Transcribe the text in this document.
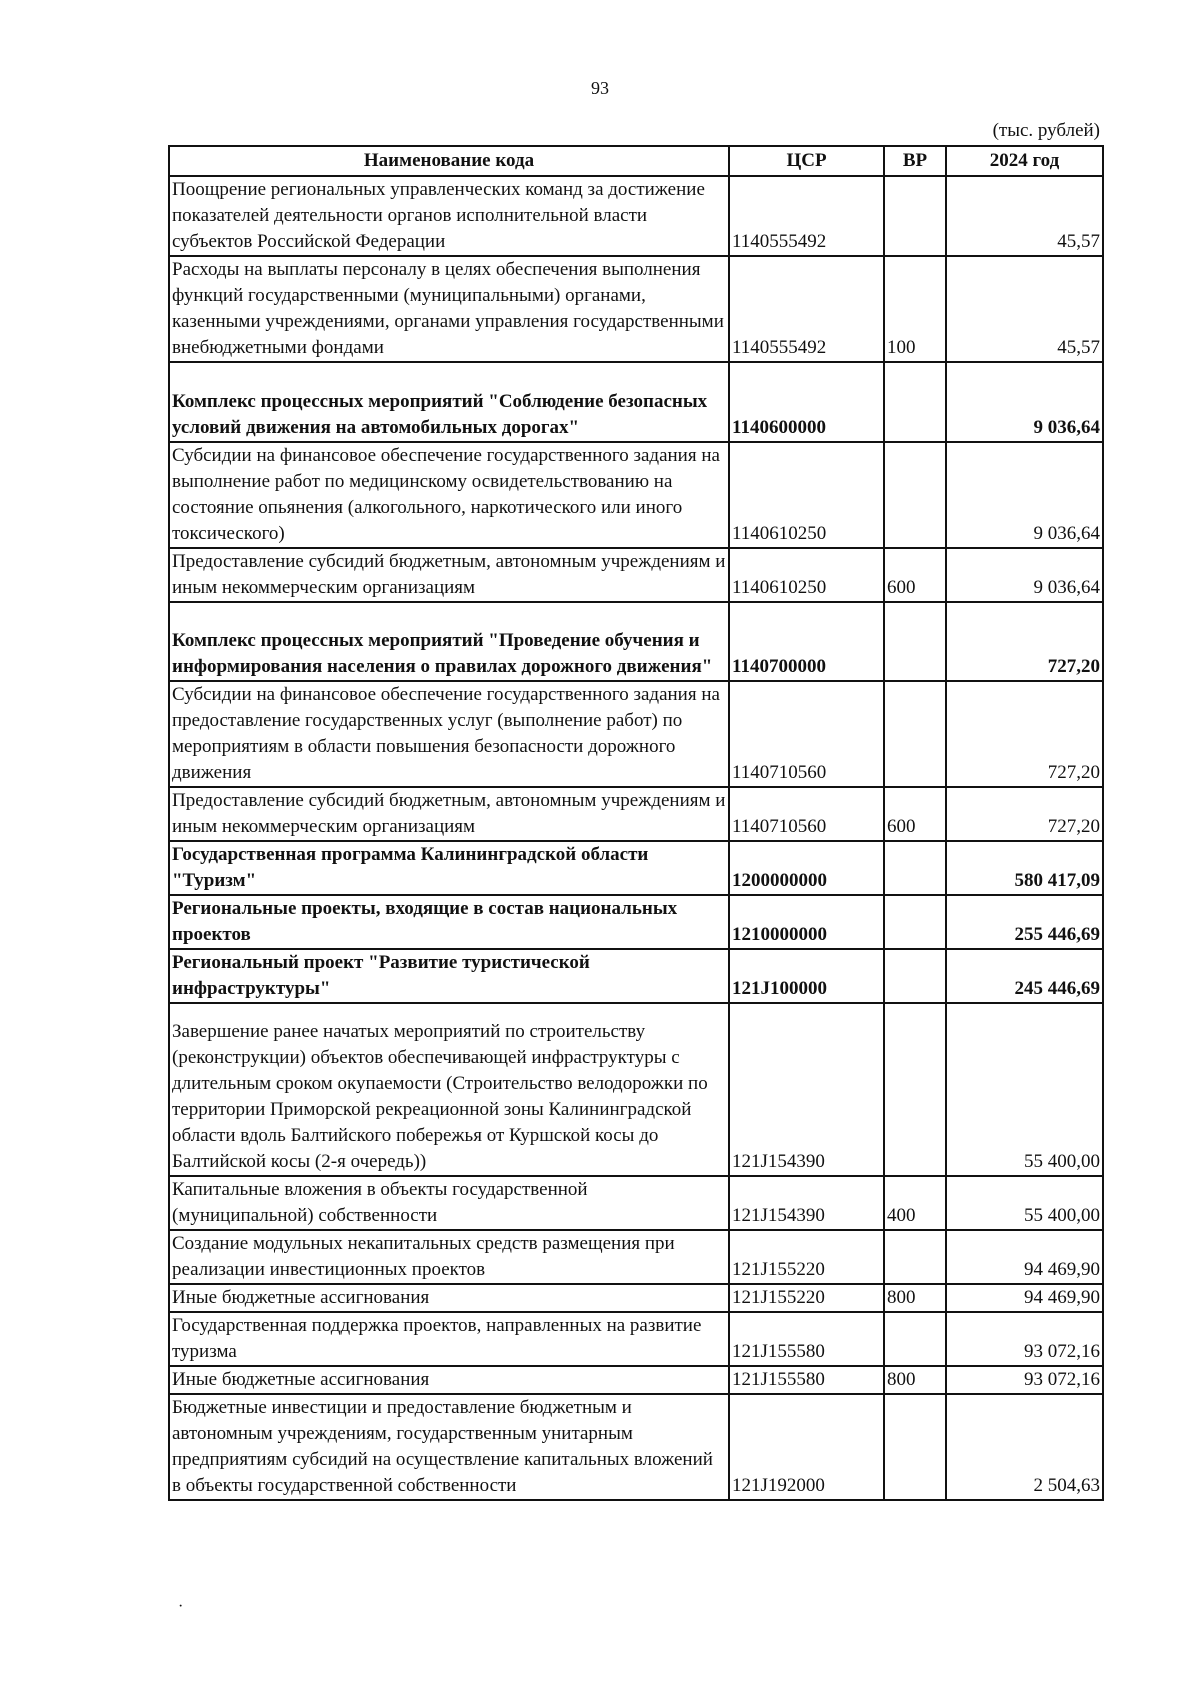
93
(тыс. рублей)
Наименование кода	ЦСР	ВР	2024 год
Поощрение региональных управленческих команд за достижение показателей деятельности органов исполнительной власти субъектов Российской Федерации	1140555492		45,57
Расходы на выплаты персоналу в целях обеспечения выполнения функций государственными (муниципальными) органами, казенными учреждениями, органами управления государственными внебюджетными фондами	1140555492	100	45,57
Комплекс процессных мероприятий "Соблюдение безопасных условий движения на автомобильных дорогах"	1140600000		9 036,64
Субсидии на финансовое обеспечение государственного задания на выполнение работ по медицинскому освидетельствованию на состояние опьянения (алкогольного, наркотического или иного токсического)	1140610250		9 036,64
Предоставление субсидий бюджетным, автономным учреждениям и иным некоммерческим организациям	1140610250	600	9 036,64
Комплекс процессных мероприятий "Проведение обучения и информирования населения о правилах дорожного движения"	1140700000		727,20
Субсидии на финансовое обеспечение государственного задания на предоставление государственных услуг (выполнение работ) по мероприятиям в области повышения безопасности дорожного движения	1140710560		727,20
Предоставление субсидий бюджетным, автономным учреждениям и иным некоммерческим организациям	1140710560	600	727,20
Государственная программа Калининградской области "Туризм"	1200000000		580 417,09
Региональные проекты, входящие в состав национальных проектов	1210000000		255 446,69
Региональный проект "Развитие туристической инфраструктуры"	121J100000		245 446,69
Завершение ранее начатых мероприятий по строительству (реконструкции) объектов обеспечивающей инфраструктуры с длительным сроком окупаемости (Строительство велодорожки по территории Приморской рекреационной зоны Калининградской области вдоль Балтийского побережья от Куршской косы до Балтийской косы (2-я очередь))	121J154390		55 400,00
Капитальные вложения в объекты государственной (муниципальной) собственности	121J154390	400	55 400,00
Создание модульных некапитальных средств размещения при реализации инвестиционных проектов	121J155220		94 469,90
Иные бюджетные ассигнования	121J155220	800	94 469,90
Государственная поддержка проектов, направленных на развитие туризма	121J155580		93 072,16
Иные бюджетные ассигнования	121J155580	800	93 072,16
Бюджетные инвестиции и предоставление бюджетным и автономным учреждениям, государственным унитарным предприятиям субсидий на осуществление капитальных вложений в объекты государственной собственности	121J192000		2 504,63
·
